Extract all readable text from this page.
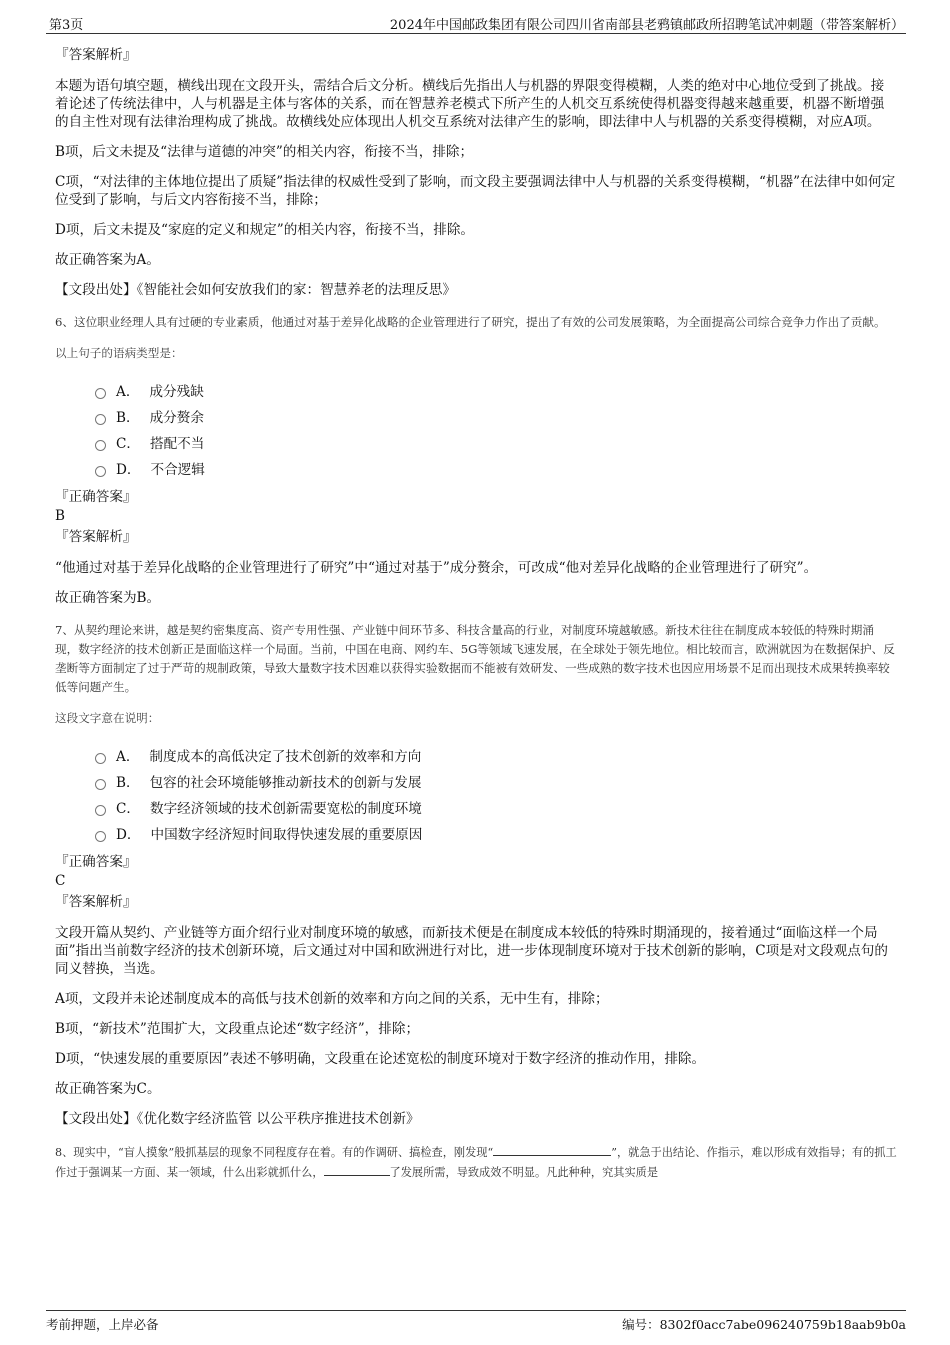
第3页	2024年中国邮政集团有限公司四川省南部县老鸦镇邮政所招聘笔试冲刺题（带答案解析）
『答案解析』

本题为语句填空题，横线出现在文段开头，需结合后文分析。横线后先指出人与机器的界限变得模糊，人类的绝对中心地位受到了挑战。接着论述了传统法律中，人与机器是主体与客体的关系，而在智慧养老模式下所产生的人机交互系统使得机器变得越来越重要，机器不断增强的自主性对现有法律治理构成了挑战。故横线处应体现出人机交互系统对法律产生的影响，即法律中人与机器的关系变得模糊，对应A项。

B项，后文未提及“法律与道德的冲突”的相关内容，衔接不当，排除；

C项，“对法律的主体地位提出了质疑”指法律的权威性受到了影响，而文段主要强调法律中人与机器的关系变得模糊，“机器”在法律中如何定位受到了影响，与后文内容衔接不当，排除；

D项，后文未提及“家庭的定义和规定”的相关内容，衔接不当，排除。

故正确答案为A。

【文段出处】《智能社会如何安放我们的家：智慧养老的法理反思》

6、这位职业经理人具有过硬的专业素质，他通过对基于差异化战略的企业管理进行了研究，提出了有效的公司发展策略，为全面提高公司综合竞争力作出了贡献。

以上句子的语病类型是：

A． 成分残缺
B． 成分赘余
C． 搭配不当
D． 不合逻辑
『正确答案』
B
『答案解析』

“他通过对基于差异化战略的企业管理进行了研究”中“通过对基于”成分赘余，可改成“他对差异化战略的企业管理进行了研究”。

故正确答案为B。

7、从契约理论来讲，越是契约密集度高、资产专用性强、产业链中间环节多、科技含量高的行业，对制度环境越敏感。新技术往往在制度成本较低的特殊时期涌现，数字经济的技术创新正是面临这样一个局面。当前，中国在电商、网约车、5G等领域飞速发展，在全球处于领先地位。相比较而言，欧洲就因为在数据保护、反垄断等方面制定了过于严苛的规制政策，导致大量数字技术因难以获得实验数据而不能被有效研发、一些成熟的数字技术也因应用场景不足而出现技术成果转换率较低等问题产生。

这段文字意在说明：

A． 制度成本的高低决定了技术创新的效率和方向
B． 包容的社会环境能够推动新技术的创新与发展
C． 数字经济领域的技术创新需要宽松的制度环境
D． 中国数字经济短时间取得快速发展的重要原因
『正确答案』
C
『答案解析』

文段开篇从契约、产业链等方面介绍行业对制度环境的敏感，而新技术便是在制度成本较低的特殊时期涌现的，接着通过“面临这样一个局面”指出当前数字经济的技术创新环境，后文通过对中国和欧洲进行对比，进一步体现制度环境对于技术创新的影响，C项是对文段观点句的同义替换，当选。

A项，文段并未论述制度成本的高低与技术创新的效率和方向之间的关系，无中生有，排除；

B项，“新技术”范围扩大，文段重点论述“数字经济”，排除；

D项，“快速发展的重要原因”表述不够明确，文段重在论述宽松的制度环境对于数字经济的推动作用，排除。

故正确答案为C。

【文段出处】《优化数字经济监管 以公平秩序推进技术创新》

8、现实中，“盲人摸象”般抓基层的现象不同程度存在着。有的作调研、搞检查，刚发现“	”，就急于出结论、作指示，难以形成有效指导；有的抓工作过于强调某一方面、某一领域，什么出彩就抓什么，	了发展所需，导致成效不明显。凡此种种，究其实质是

考前押题，上岸必备	编号：8302f0acc7abe096240759b18aab9b0a
